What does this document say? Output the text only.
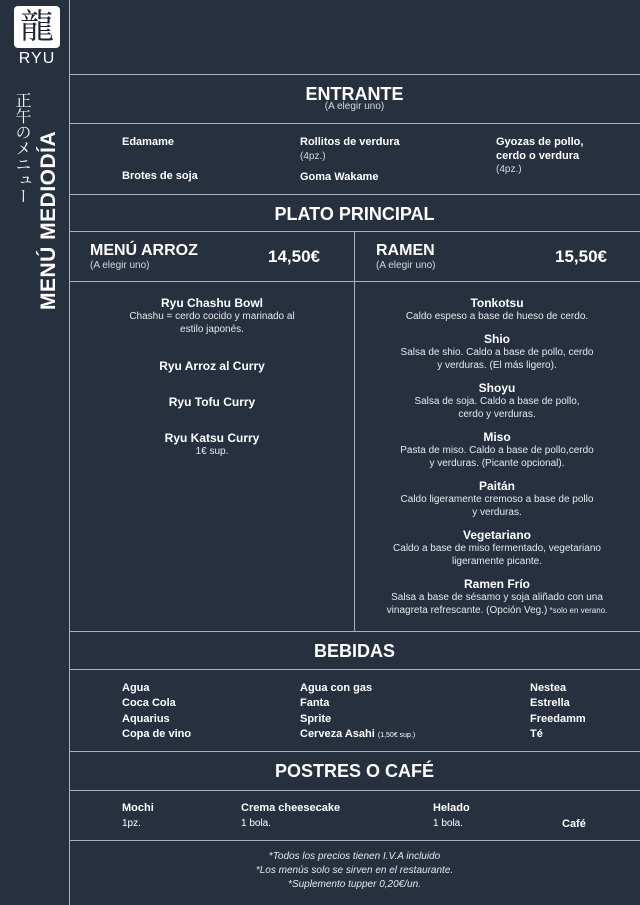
龍
RYU
正午のメニュー MENÚ MEDIODÍA
ENTRANTE
(A elegir uno)
Edamame
Brotes de soja
Rollitos de verdura
(4pz.)
Goma Wakame
Gyozas de pollo,
cerdo o verdura
(4pz.)
PLATO PRINCIPAL
MENÚ ARROZ
(A elegir uno)	14,50€	RAMEN
(A elegir uno)	15,50€
Ryu Chashu Bowl
Chashu = cerdo cocido y marinado al
estilo japonés.
Ryu Arroz al Curry
Ryu Tofu Curry
Ryu Katsu Curry
1€ sup.
Tonkotsu
Caldo espeso a base de hueso de cerdo.
Shio
Salsa de shio. Caldo a base de pollo, cerdo
y verduras. (El más ligero).
Shoyu
Salsa de soja. Caldo a base de pollo,
cerdo y verduras.
Miso
Pasta de miso. Caldo a base de pollo,cerdo
y verduras. (Picante opcional).
Paitán
Caldo ligeramente cremoso a base de pollo
y verduras.
Vegetariano
Caldo a base de miso fermentado, vegetariano
ligeramente picante.
Ramen Frío
Salsa a base de sésamo y soja aliñado con una
vinagreta refrescante. (Opción Veg.) *solo en verano.
BEBIDAS
Agua
Coca Cola
Aquarius
Copa de vino
Agua con gas
Fanta
Sprite
Cerveza Asahi (1,50€ sup.)
Nestea
Estrella
Freedamm
Té
POSTRES O CAFÉ
Mochi
1pz.
Crema cheesecake
1 bola.
Helado
1 bola.	Café
*Todos los precios tienen I.V.A incluido
*Los menús solo se sirven en el restaurante.
*Suplemento tupper 0,20€/un.
